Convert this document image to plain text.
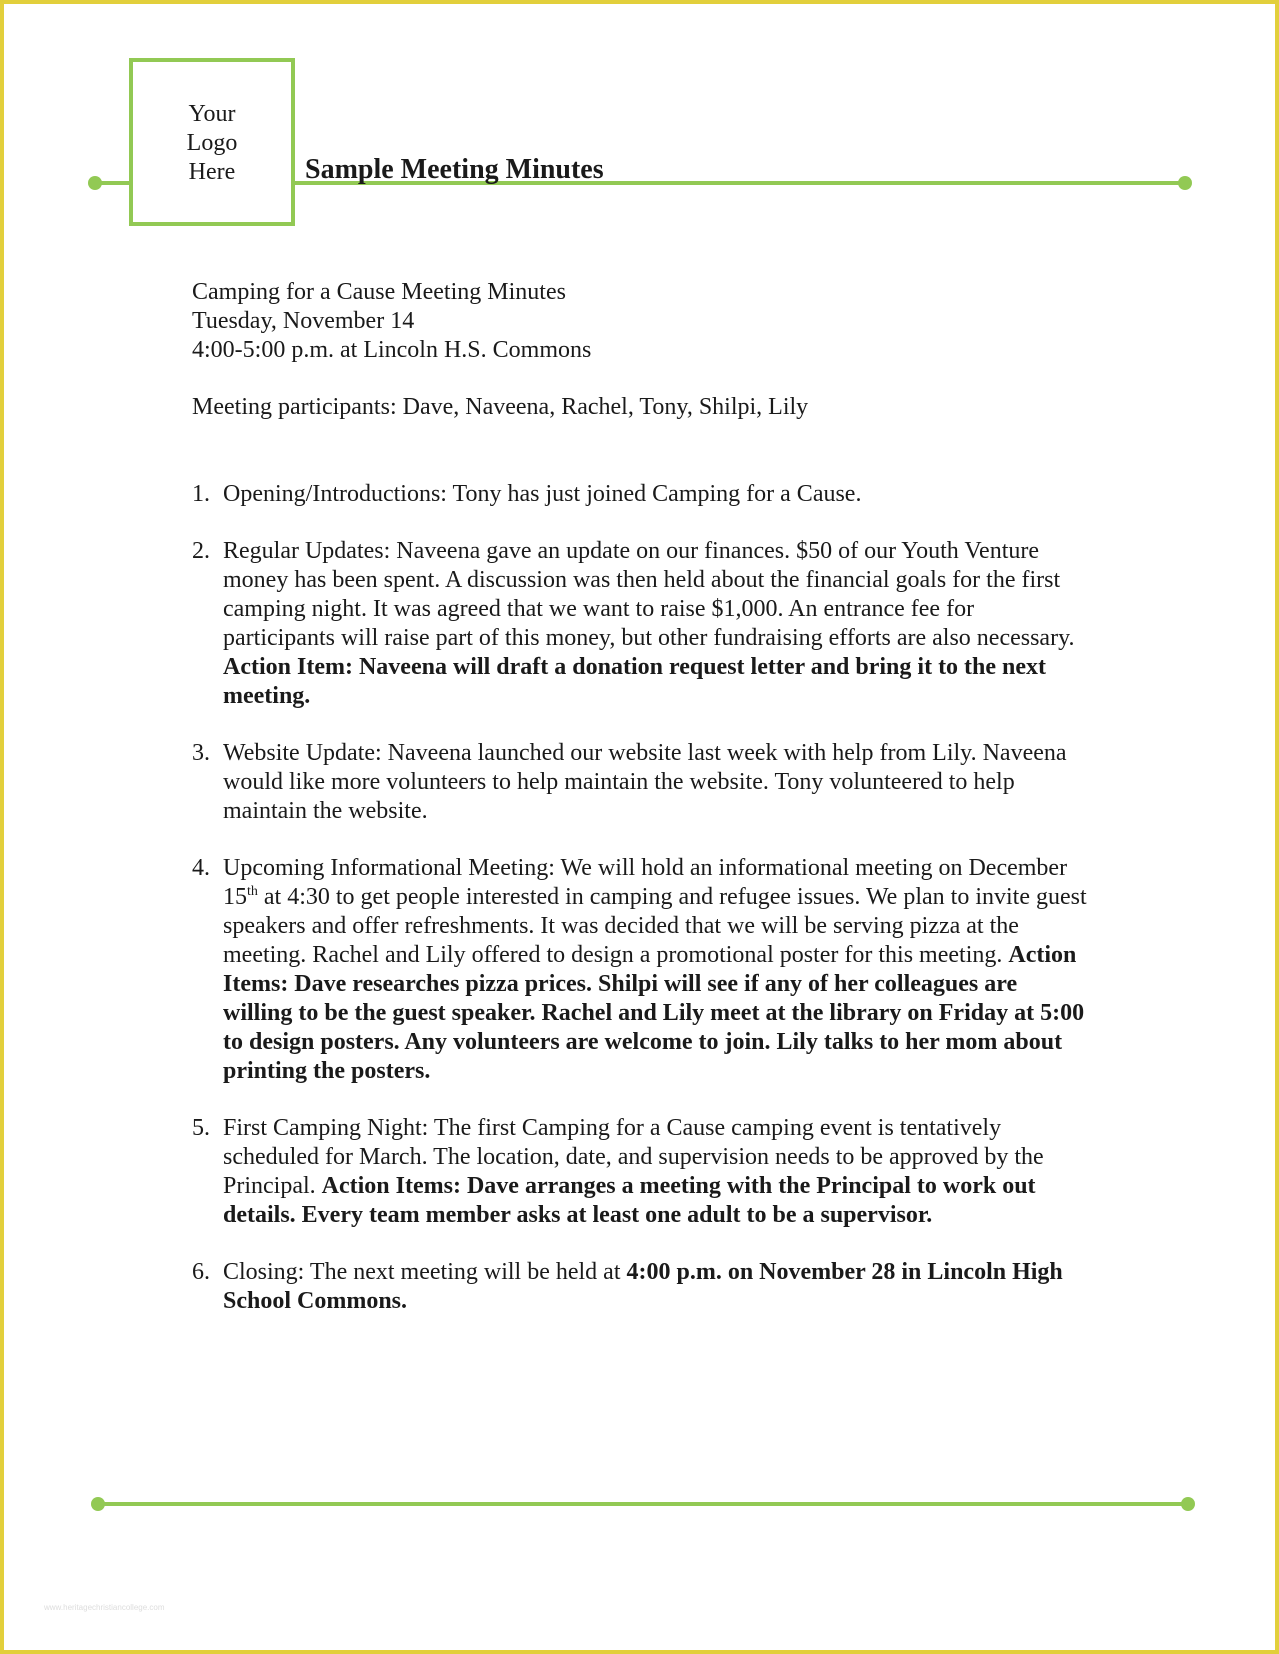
Your
Logo
Here Sample Meeting Minutes
Camping for a Cause Meeting Minutes
Tuesday, November 14
4:00-5:00 p.m. at Lincoln H.S. Commons
Meeting participants: Dave, Naveena, Rachel, Tony, Shilpi, Lily
1. Opening/Introductions: Tony has just joined Camping for a Cause.
2. Regular Updates: Naveena gave an update on our finances. $50 of our Youth Venture money has been spent. A discussion was then held about the financial goals for the first camping night. It was agreed that we want to raise $1,000. An entrance fee for participants will raise part of this money, but other fundraising efforts are also necessary. Action Item: Naveena will draft a donation request letter and bring it to the next meeting.
3. Website Update: Naveena launched our website last week with help from Lily. Naveena would like more volunteers to help maintain the website. Tony volunteered to help maintain the website.
4. Upcoming Informational Meeting: We will hold an informational meeting on December 15th at 4:30 to get people interested in camping and refugee issues. We plan to invite guest speakers and offer refreshments. It was decided that we will be serving pizza at the meeting. Rachel and Lily offered to design a promotional poster for this meeting. Action Items: Dave researches pizza prices. Shilpi will see if any of her colleagues are willing to be the guest speaker. Rachel and Lily meet at the library on Friday at 5:00 to design posters. Any volunteers are welcome to join. Lily talks to her mom about printing the posters.
5. First Camping Night: The first Camping for a Cause camping event is tentatively scheduled for March. The location, date, and supervision needs to be approved by the Principal. Action Items: Dave arranges a meeting with the Principal to work out details. Every team member asks at least one adult to be a supervisor.
6. Closing: The next meeting will be held at 4:00 p.m. on November 28 in Lincoln High School Commons.
www.heritagechristiancollege.com
